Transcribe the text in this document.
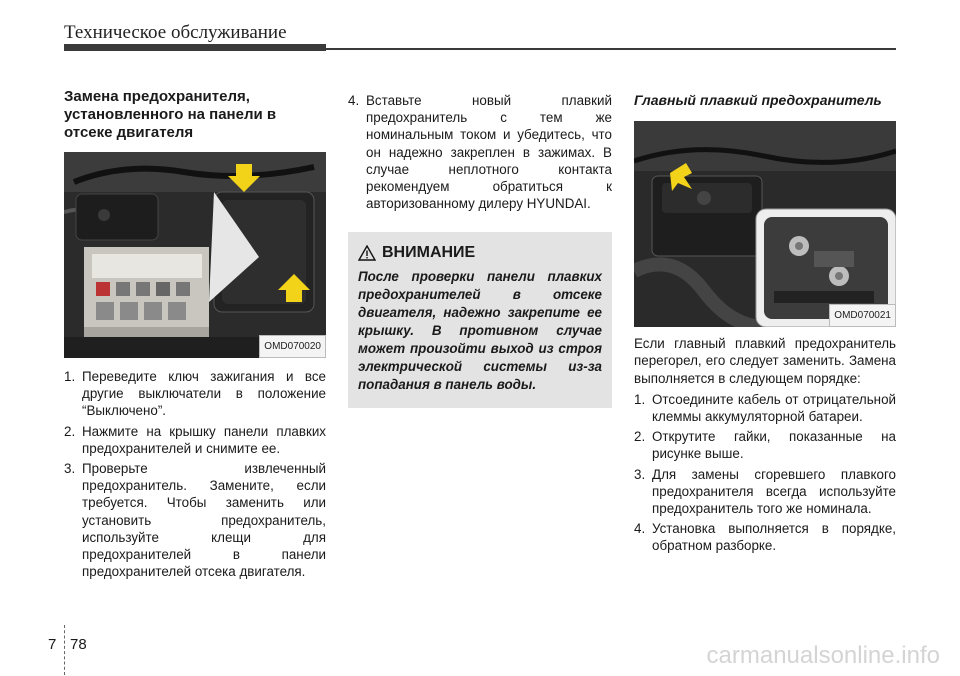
Техническое обслуживание
Замена предохранителя, установленного на панели в отсеке двигателя
OMD070020
1. Переведите ключ зажигания и все другие выключатели в положение “Выключено”.
2. Нажмите на крышку панели плавких предохранителей и снимите ее.
3. Проверьте извлеченный предохранитель. Замените, если требуется. Чтобы заменить или установить предохранитель, используйте клещи для предохранителей в панели предохранителей отсека двигателя.
4. Вставьте новый плавкий предохранитель с тем же номинальным током и убедитесь, что он надежно закреплен в зажимах. В случае неплотного контакта рекомендуем обратиться к авторизованному дилеру HYUNDAI.
ВНИМАНИЕ
После проверки панели плавких предохранителей в отсеке двигателя, надежно закрепите ее крышку. В противном случае может произойти выход из строя электрической системы из-за попадания в панель воды.
Главный плавкий предохранитель
OMD070021
Если главный плавкий предохранитель перегорел, его следует заменить. Замена выполняется в следующем порядке:
1. Отсоедините кабель от отрицательной клеммы аккумуляторной батареи.
2. Открутите гайки, показанные на рисунке выше.
3. Для замены сгоревшего плавкого предохранителя всегда используйте предохранитель того же номинала.
4. Установка выполняется в порядке, обратном разборке.
7 78	carmanualsonline.info
